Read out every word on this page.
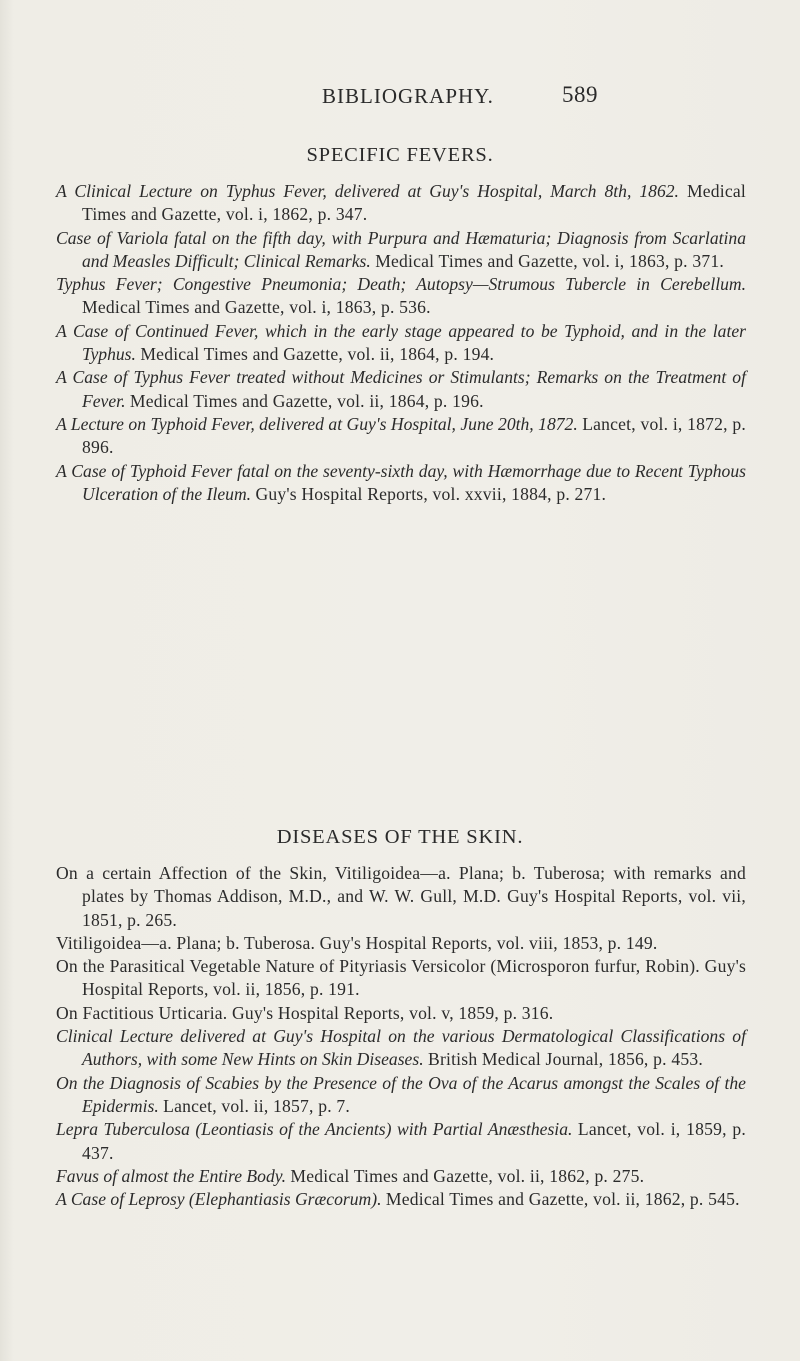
BIBLIOGRAPHY.	589
SPECIFIC FEVERS.
A Clinical Lecture on Typhus Fever, delivered at Guy's Hospital, March 8th, 1862. Medical Times and Gazette, vol. i, 1862, p. 347.
Case of Variola fatal on the fifth day, with Purpura and Hæmaturia; Diagnosis from Scarlatina and Measles Difficult; Clinical Remarks. Medical Times and Gazette, vol. i, 1863, p. 371.
Typhus Fever; Congestive Pneumonia; Death; Autopsy—Strumous Tubercle in Cerebellum. Medical Times and Gazette, vol. i, 1863, p. 536.
A Case of Continued Fever, which in the early stage appeared to be Typhoid, and in the later Typhus. Medical Times and Gazette, vol. ii, 1864, p. 194.
A Case of Typhus Fever treated without Medicines or Stimulants; Remarks on the Treatment of Fever. Medical Times and Gazette, vol. ii, 1864, p. 196.
A Lecture on Typhoid Fever, delivered at Guy's Hospital, June 20th, 1872. Lancet, vol. i, 1872, p. 896.
A Case of Typhoid Fever fatal on the seventy-sixth day, with Hæmorrhage due to Recent Typhous Ulceration of the Ileum. Guy's Hospital Reports, vol. xxvii, 1884, p. 271.
DISEASES OF THE SKIN.
On a certain Affection of the Skin, Vitiligoidea—a. Plana; b. Tuberosa; with remarks and plates by Thomas Addison, M.D., and W. W. Gull, M.D. Guy's Hospital Reports, vol. vii, 1851, p. 265.
Vitiligoidea—a. Plana; b. Tuberosa. Guy's Hospital Reports, vol. viii, 1853, p. 149.
On the Parasitical Vegetable Nature of Pityriasis Versicolor (Microsporon furfur, Robin). Guy's Hospital Reports, vol. ii, 1856, p. 191.
On Factitious Urticaria. Guy's Hospital Reports, vol. v, 1859, p. 316.
Clinical Lecture delivered at Guy's Hospital on the various Dermatological Classifications of Authors, with some New Hints on Skin Diseases. British Medical Journal, 1856, p. 453.
On the Diagnosis of Scabies by the Presence of the Ova of the Acarus amongst the Scales of the Epidermis. Lancet, vol. ii, 1857, p. 7.
Lepra Tuberculosa (Leontiasis of the Ancients) with Partial Anæsthesia. Lancet, vol. i, 1859, p. 437.
Favus of almost the Entire Body. Medical Times and Gazette, vol. ii, 1862, p. 275.
A Case of Leprosy (Elephantiasis Græcorum). Medical Times and Gazette, vol. ii, 1862, p. 545.
